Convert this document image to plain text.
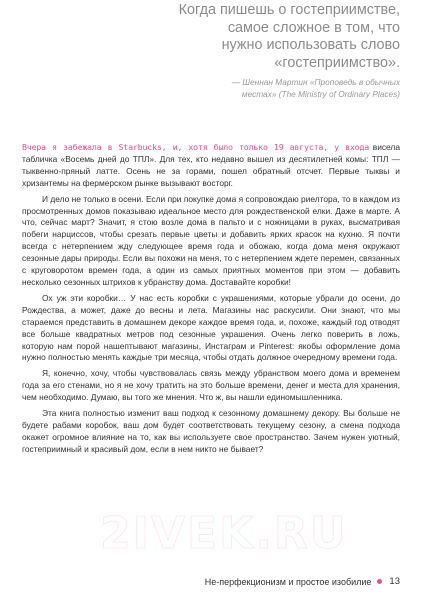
Когда пишешь о гостеприимстве,
самое сложное в том, что
нужно использовать слово
«гостеприимство».
— Шеннан Мартин «Проповедь в обычных
местах» (The Ministry of Ordinary Places)

Вчера я забежала в Starbucks, и, хотя было только 19 августа, у входа висела табличка «Восемь дней до ТПЛ». Для тех, кто недавно вышел из десятилетней комы: ТПЛ — тыквенно-пряный латте. Осень не за горами, пошел обратный отсчет. Первые тыквы и хризантемы на фермерском рынке вызывают восторг.

И дело не только в осени. Если при покупке дома я сопровождаю риелтора, то в каждом из просмотренных домов показываю идеальное место для рождественской елки. Даже в марте. А что, сейчас март? Значит, я стою возле дома в пальто и с ножницами в руках, высматривая побеги нарциссов, чтобы срезать первые цветы и добавить ярких красок на кухню. Я почти всегда с нетерпением жду следующее время года и обожаю, когда дома меня окружают сезонные дары природы. Если вы похожи на меня, то с нетерпением ждете перемен, связанных с круговоротом времен года, а один из самых приятных моментов при этом — добавить несколько сезонных штрихов к убранству дома. Доставайте коробки!

Ох уж эти коробки… У нас есть коробки с украшениями, которые убрали до осени, до Рождества, а может, даже до весны и лета. Магазины нас раскусили. Они знают, что мы стараемся представить в домашнем декоре каждое время года, и, похоже, каждый год отводят все больше квадратных метров под сезонные украшения. Очень легко поверить в ложь, которую нам порой нашептывают магазины, Инстаграм и Pinterest: якобы оформление дома нужно полностью менять каждые три месяца, чтобы отдать должное очередному времени года.

Я, конечно, хочу, чтобы чувствовалась связь между убранством моего дома и временем года за его стенами, но я не хочу тратить на это больше времени, денег и места для хранения, чем необходимо. Думаю, вы того же мнения. Что ж, вы нашли единомышленника.

Эта книга полностью изменит ваш подход к сезонному домашнему декору. Вы больше не будете рабами коробок, ваш дом будет соответствовать текущему сезону, а смена подхода окажет огромное влияние на то, как вы используете свое пространство. Зачем нужен уютный, гостеприимный и красивый дом, если в нем никто не бывает?

2IVEK.RU
Не-перфекционизм и простое изобилие 13
